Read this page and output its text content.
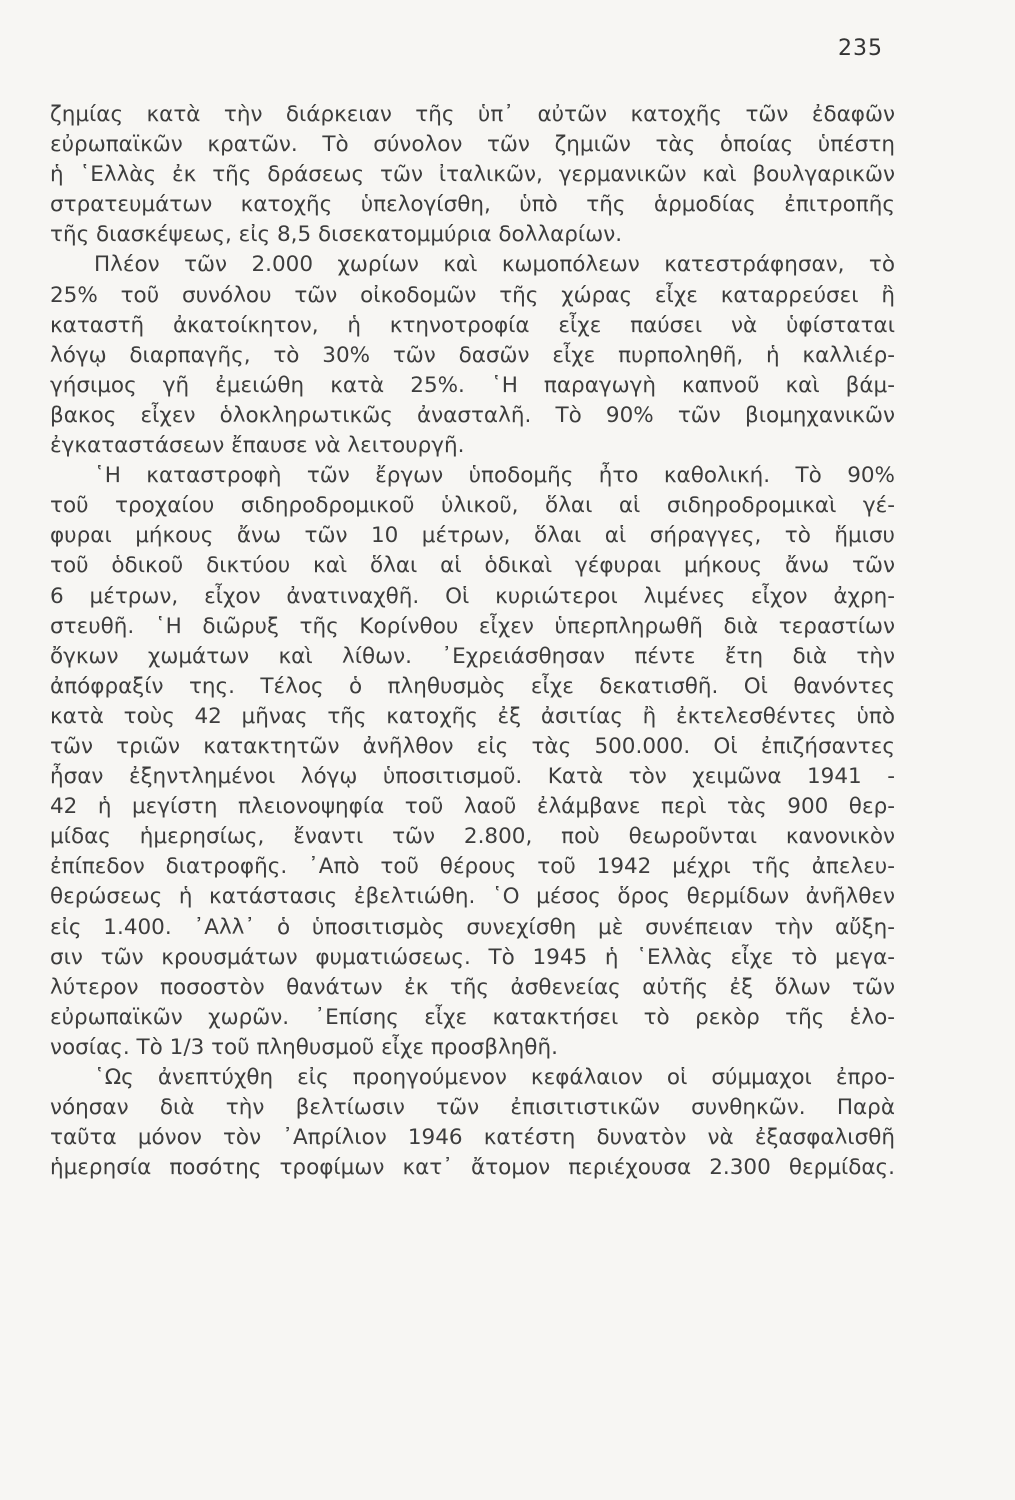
235
ζημίας κατὰ τὴν διάρκειαν τῆς ὑπ᾽ αὐτῶν κατοχῆς τῶν ἐδαφῶν
εὐρωπαϊκῶν κρατῶν. Τὸ σύνολον τῶν ζημιῶν τὰς ὁποίας ὑπέστη
ἡ ῾Ελλὰς ἐκ τῆς δράσεως τῶν ἰταλικῶν, γερμανικῶν καὶ βουλγαρικῶν
στρατευμάτων κατοχῆς ὑπελογίσθη, ὑπὸ τῆς ἁρμοδίας ἐπιτροπῆς
τῆς διασκέψεως, εἰς 8,5 δισεκατομμύρια δολλαρίων.
Πλέον τῶν 2.000 χωρίων καὶ κωμοπόλεων κατεστράφησαν, τὸ
25% τοῦ συνόλου τῶν οἰκοδομῶν τῆς χώρας εἶχε καταρρεύσει ἢ
καταστῆ ἀκατοίκητον, ἡ κτηνοτροφία εἶχε παύσει νὰ ὑφίσταται
λόγῳ διαρπαγῆς, τὸ 30% τῶν δασῶν εἶχε πυρποληθῆ, ἡ καλλιέρ-
γήσιμος γῆ ἐμειώθη κατὰ 25%. ῾Η παραγωγὴ καπνοῦ καὶ βάμ-
βακος εἶχεν ὁλοκληρωτικῶς ἀνασταλῆ. Τὸ 90% τῶν βιομηχανικῶν
ἐγκαταστάσεων ἔπαυσε νὰ λειτουργῆ.
῾Η καταστροφὴ τῶν ἔργων ὑποδομῆς ἦτο καθολική. Τὸ 90%
τοῦ τροχαίου σιδηροδρομικοῦ ὑλικοῦ, ὅλαι αἱ σιδηροδρομικαὶ γέ-
φυραι μήκους ἄνω τῶν 10 μέτρων, ὅλαι αἱ σήραγγες, τὸ ἥμισυ
τοῦ ὁδικοῦ δικτύου καὶ ὅλαι αἱ ὁδικαὶ γέφυραι μήκους ἄνω τῶν
6 μέτρων, εἶχον ἀνατιναχθῆ. Οἱ κυριώτεροι λιμένες εἶχον ἀχρη-
στευθῆ. ῾Η διῶρυξ τῆς Κορίνθου εἶχεν ὑπερπληρωθῆ διὰ τεραστίων
ὄγκων χωμάτων καὶ λίθων. ᾿Εχρειάσθησαν πέντε ἔτη διὰ τὴν
ἀπόφραξίν της. Τέλος ὁ πληθυσμὸς εἶχε δεκατισθῆ. Οἱ θανόντες
κατὰ τοὺς 42 μῆνας τῆς κατοχῆς ἐξ ἀσιτίας ἢ ἐκτελεσθέντες ὑπὸ
τῶν τριῶν κατακτητῶν ἀνῆλθον εἰς τὰς 500.000. Οἱ ἐπιζήσαντες
ἦσαν ἐξηντλημένοι λόγῳ ὑποσιτισμοῦ. Κατὰ τὸν χειμῶνα 1941 -
42 ἡ μεγίστη πλειονοψηφία τοῦ λαοῦ ἐλάμβανε περὶ τὰς 900 θερ-
μίδας ἡμερησίως, ἔναντι τῶν 2.800, ποὺ θεωροῦνται κανονικὸν
ἐπίπεδον διατροφῆς. ᾿Απὸ τοῦ θέρους τοῦ 1942 μέχρι τῆς ἀπελευ-
θερώσεως ἡ κατάστασις ἐβελτιώθη. ῾Ο μέσος ὅρος θερμίδων ἀνῆλθεν
εἰς 1.400. ᾿Αλλ᾽ ὁ ὑποσιτισμὸς συνεχίσθη μὲ συνέπειαν τὴν αὔξη-
σιν τῶν κρουσμάτων φυματιώσεως. Τὸ 1945 ἡ ῾Ελλὰς εἶχε τὸ μεγα-
λύτερον ποσοστὸν θανάτων ἐκ τῆς ἀσθενείας αὐτῆς ἐξ ὅλων τῶν
εὐρωπαϊκῶν χωρῶν. ᾿Επίσης εἶχε κατακτήσει τὸ ρεκὸρ τῆς ἑλο-
νοσίας. Τὸ 1/3 τοῦ πληθυσμοῦ εἶχε προσβληθῆ.
῾Ως ἀνεπτύχθη εἰς προηγούμενον κεφάλαιον οἱ σύμμαχοι ἐπρο-
νόησαν διὰ τὴν βελτίωσιν τῶν ἐπισιτιστικῶν συνθηκῶν. Παρὰ
ταῦτα μόνον τὸν ᾿Απρίλιον 1946 κατέστη δυνατὸν νὰ ἐξασφαλισθῆ
ἡμερησία ποσότης τροφίμων κατ᾽ ἄτομον περιέχουσα 2.300 θερμίδας.
